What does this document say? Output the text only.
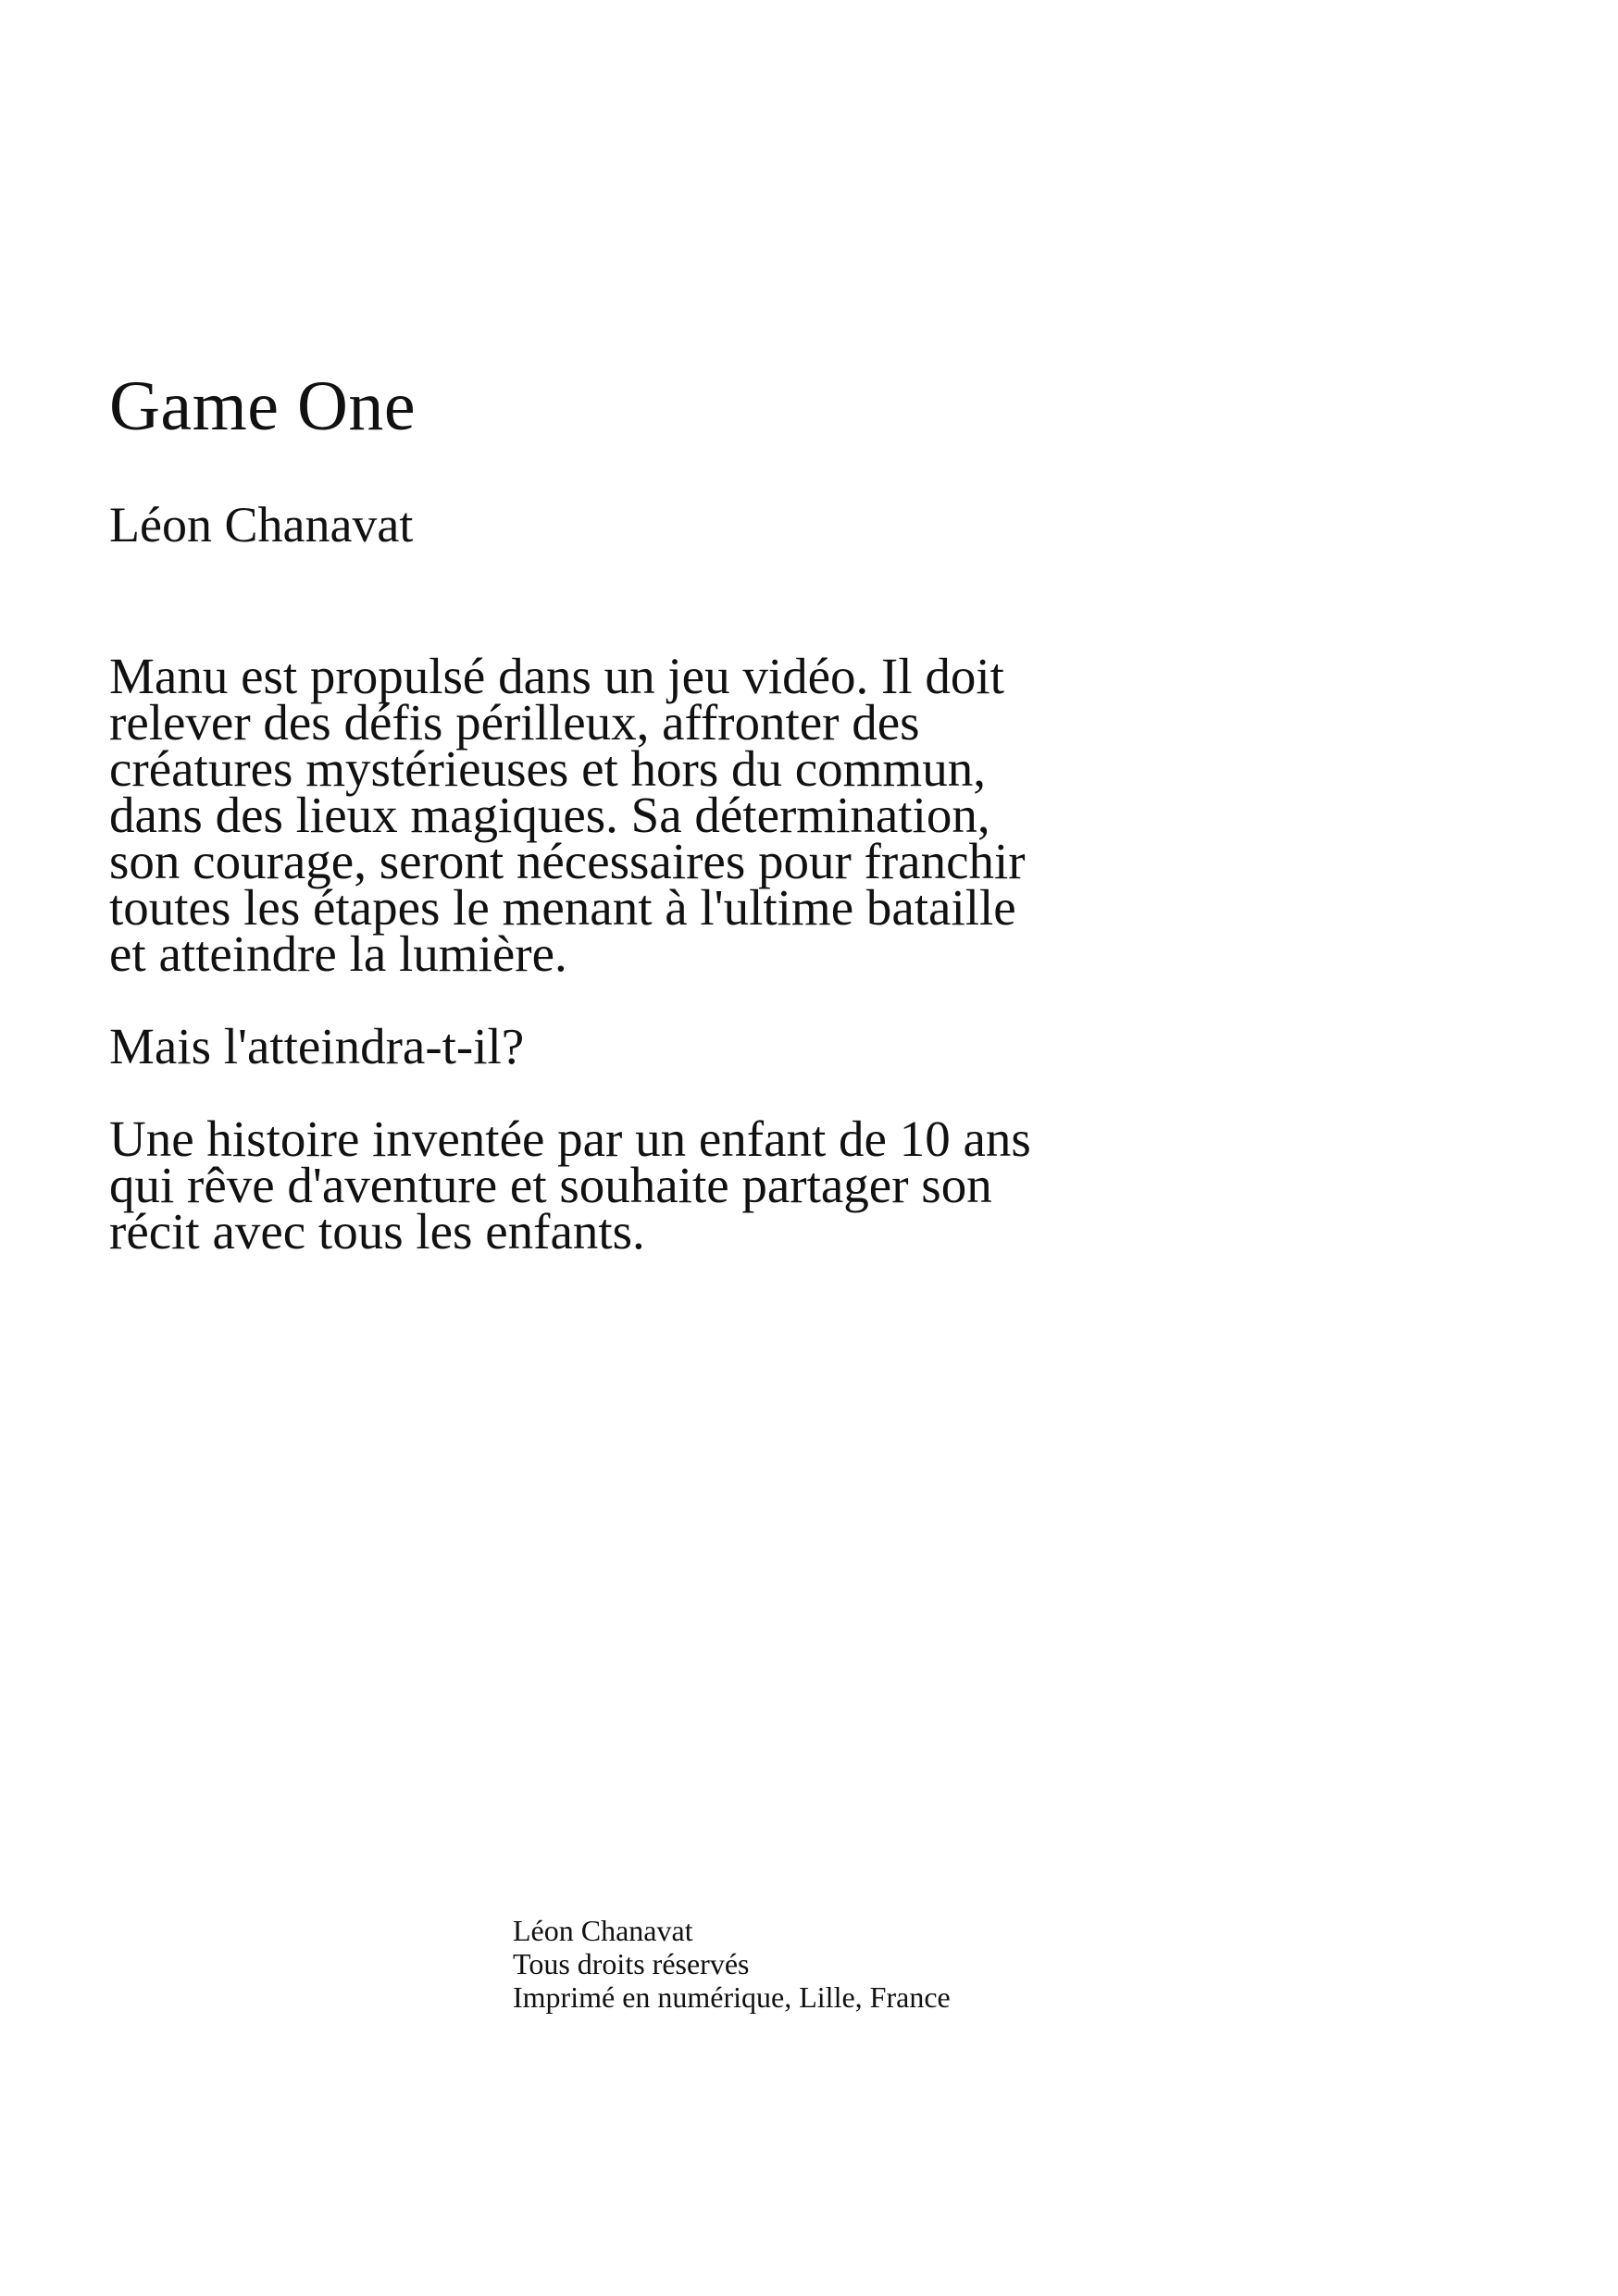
Game One
Léon Chanavat

Manu est propulsé dans un jeu vidéo. Il doit
relever des défis périlleux, affronter des
créatures mystérieuses et hors du commun,
dans des lieux magiques. Sa détermination,
son courage, seront nécessaires pour franchir
toutes les étapes le menant à l'ultime bataille
et atteindre la lumière.

Mais l'atteindra-t-il?

Une histoire inventée par un enfant de 10 ans
qui rêve d'aventure et souhaite partager son
récit avec tous les enfants.

Léon Chanavat
Tous droits réservés
Imprimé en numérique, Lille, France
